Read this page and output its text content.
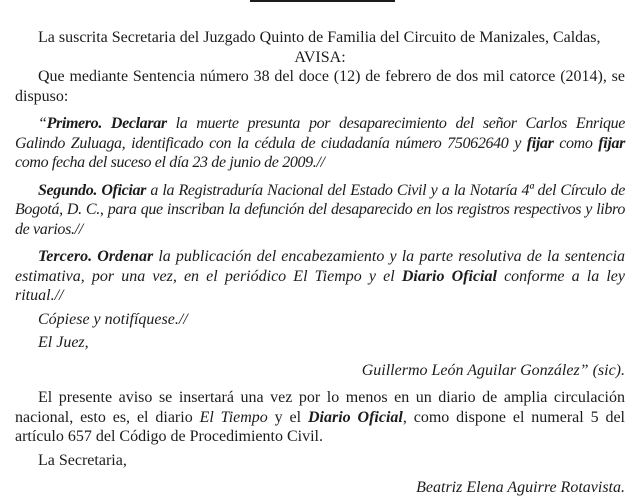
La suscrita Secretaria del Juzgado Quinto de Familia del Circuito de Manizales, Caldas,

AVISA:

Que mediante Sentencia número 38 del doce (12) de febrero de dos mil catorce (2014), se dispuso:

“Primero. Declarar la muerte presunta por desaparecimiento del señor Carlos Enrique Galindo Zuluaga, identificado con la cédula de ciudadanía número 75062640 y fijar como fijar como fecha del suceso el día 23 de junio de 2009.//

Segundo. Oficiar a la Registraduría Nacional del Estado Civil y a la Notaría 4ª del Círculo de Bogotá, D. C., para que inscriban la defunción del desaparecido en los registros respectivos y libro de varios.//

Tercero. Ordenar la publicación del encabezamiento y la parte resolutiva de la sentencia estimativa, por una vez, en el periódico El Tiempo y el Diario Oficial conforme a la ley ritual.//

Cópiese y notifíquese.//

El Juez,

Guillermo León Aguilar González” (sic).

El presente aviso se insertará una vez por lo menos en un diario de amplia circulación nacional, esto es, el diario El Tiempo y el Diario Oficial, como dispone el numeral 5 del artículo 657 del Código de Procedimiento Civil.

La Secretaria,

Beatriz Elena Aguirre Rotavista.
